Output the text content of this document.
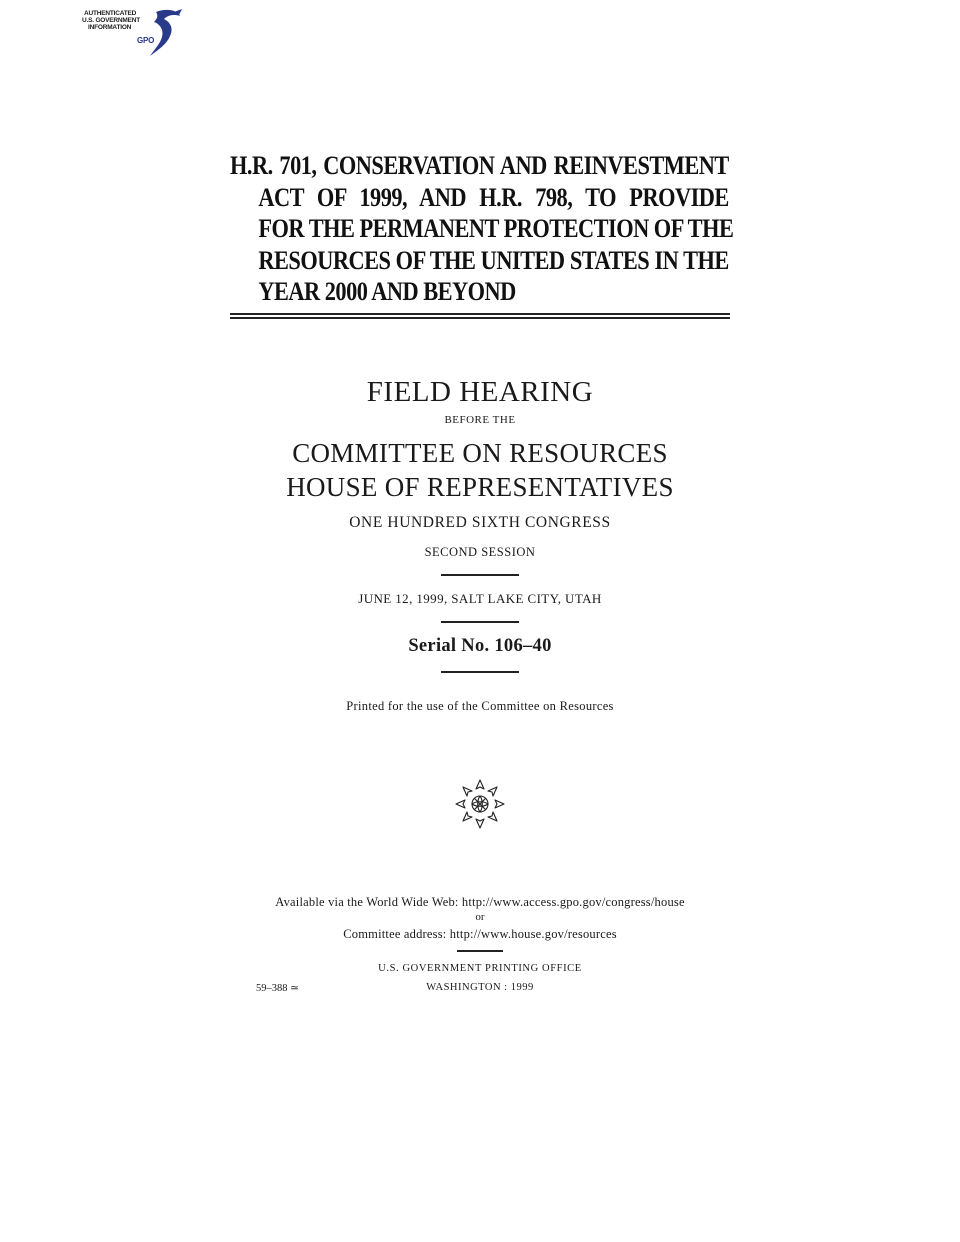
AUTHENTICATED
U.S. GOVERNMENT
INFORMATION
GPO
H.R. 701, CONSERVATION AND REINVESTMENT
ACT OF 1999, AND H.R. 798, TO PROVIDE
FOR THE PERMANENT PROTECTION OF THE
RESOURCES OF THE UNITED STATES IN THE
YEAR 2000 AND BEYOND
FIELD HEARING
BEFORE THE
COMMITTEE ON RESOURCES
HOUSE OF REPRESENTATIVES
ONE HUNDRED SIXTH CONGRESS
SECOND SESSION
JUNE 12, 1999, SALT LAKE CITY, UTAH
Serial No. 106–40
Printed for the use of the Committee on Resources
Available via the World Wide Web: http://www.access.gpo.gov/congress/house
or
Committee address: http://www.house.gov/resources
U.S. GOVERNMENT PRINTING OFFICE
59–388 ≃	WASHINGTON : 1999
